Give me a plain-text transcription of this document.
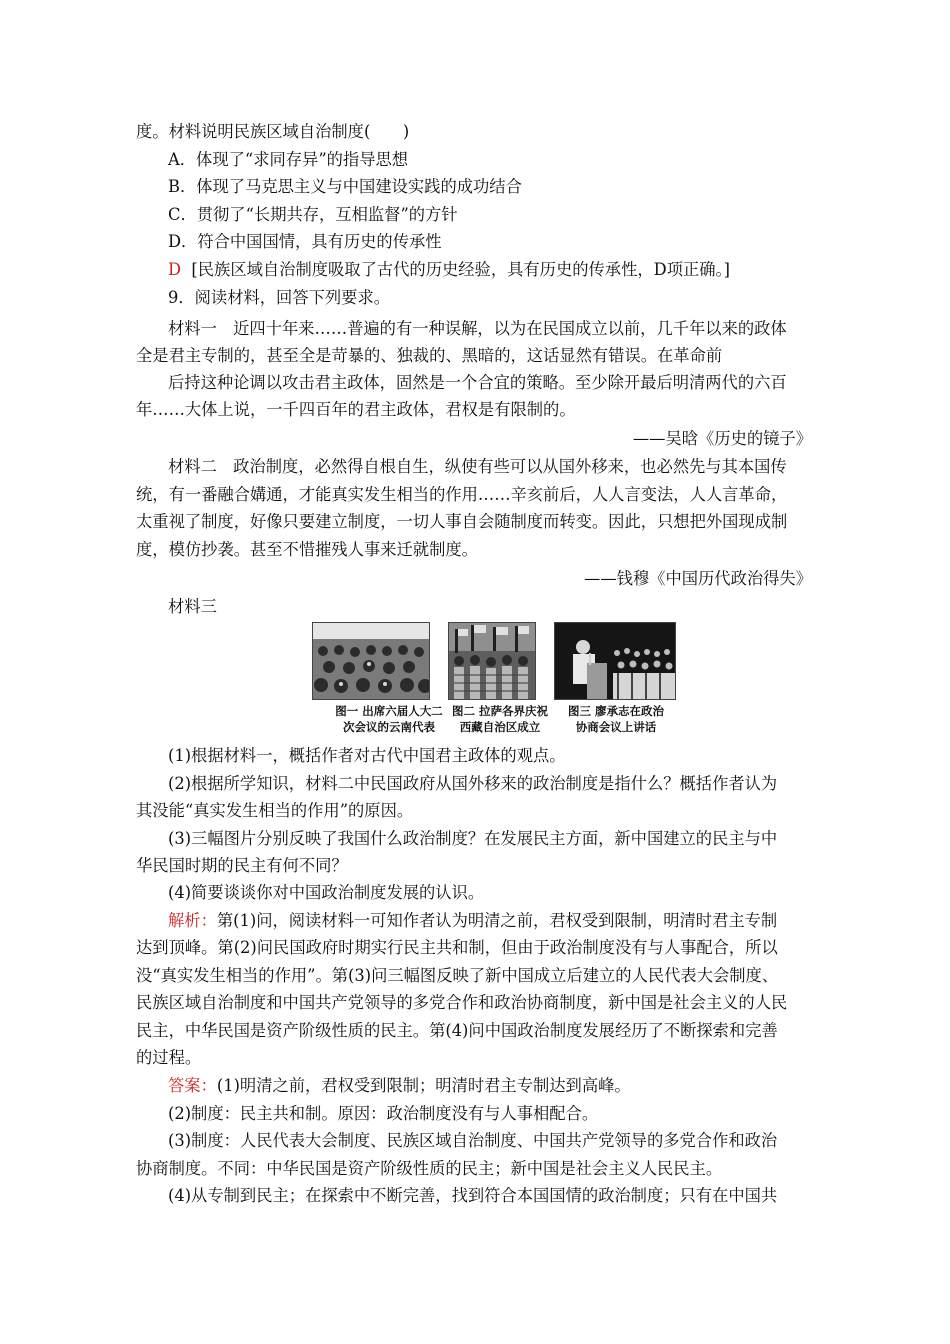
度。材料说明民族区域自治制度(　　)
A．体现了“求同存异”的指导思想
B．体现了马克思主义与中国建设实践的成功结合
C．贯彻了“长期共存，互相监督”的方针
D．符合中国国情，具有历史的传承性
D [民族区域自治制度吸取了古代的历史经验，具有历史的传承性，D项正确。]
9．阅读材料，回答下列要求。
材料一　近四十年来……普遍的有一种误解，以为在民国成立以前，几千年以来的政体
全是君主专制的，甚至全是苛暴的、独裁的、黑暗的，这话显然有错误。在革命前
后持这种论调以攻击君主政体，固然是一个合宜的策略。至少除开最后明清两代的六百
年……大体上说，一千四百年的君主政体，君权是有限制的。
——吴晗《历史的镜子》
材料二　政治制度，必然得自根自生，纵使有些可以从国外移来，也必然先与其本国传
统，有一番融合媾通，才能真实发生相当的作用……辛亥前后，人人言变法，人人言革命，
太重视了制度，好像只要建立制度，一切人事自会随制度而转变。因此，只想把外国现成制
度，模仿抄袭。甚至不惜摧残人事来迁就制度。
——钱穆《中国历代政治得失》
材料三
图一 出席六届人大二
次会议的云南代表
图二 拉萨各界庆祝
西藏自治区成立
图三 廖承志在政治
协商会议上讲话
(1)根据材料一，概括作者对古代中国君主政体的观点。
(2)根据所学知识，材料二中民国政府从国外移来的政治制度是指什么？概括作者认为
其没能“真实发生相当的作用”的原因。
(3)三幅图片分别反映了我国什么政治制度？在发展民主方面，新中国建立的民主与中
华民国时期的民主有何不同？
(4)简要谈谈你对中国政治制度发展的认识。
解析：第(1)问，阅读材料一可知作者认为明清之前，君权受到限制，明清时君主专制
达到顶峰。第(2)问民国政府时期实行民主共和制，但由于政治制度没有与人事配合，所以
没“真实发生相当的作用”。第(3)问三幅图反映了新中国成立后建立的人民代表大会制度、
民族区域自治制度和中国共产党领导的多党合作和政治协商制度，新中国是社会主义的人民
民主，中华民国是资产阶级性质的民主。第(4)问中国政治制度发展经历了不断探索和完善
的过程。
答案：(1)明清之前，君权受到限制；明清时君主专制达到高峰。
(2)制度：民主共和制。原因：政治制度没有与人事相配合。
(3)制度：人民代表大会制度、民族区域自治制度、中国共产党领导的多党合作和政治
协商制度。不同：中华民国是资产阶级性质的民主；新中国是社会主义人民民主。
(4)从专制到民主；在探索中不断完善，找到符合本国国情的政治制度；只有在中国共
